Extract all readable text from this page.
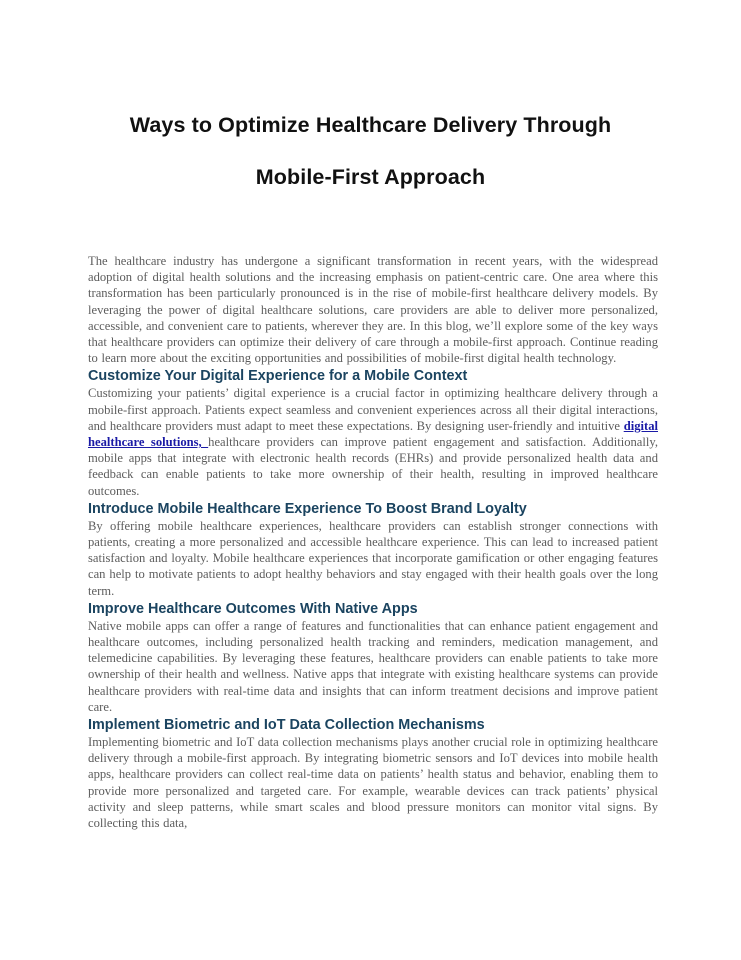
Ways to Optimize Healthcare Delivery Through
Mobile-First Approach

The healthcare industry has undergone a significant transformation in recent years, with the widespread adoption of digital health solutions and the increasing emphasis on patient-centric care. One area where this transformation has been particularly pronounced is in the rise of mobile-first healthcare delivery models. By leveraging the power of digital healthcare solutions, care providers are able to deliver more personalized, accessible, and convenient care to patients, wherever they are. In this blog, we’ll explore some of the key ways that healthcare providers can optimize their delivery of care through a mobile-first approach. Continue reading to learn more about the exciting opportunities and possibilities of mobile-first digital health technology.

Customize Your Digital Experience for a Mobile Context

Customizing your patients’ digital experience is a crucial factor in optimizing healthcare delivery through a mobile-first approach. Patients expect seamless and convenient experiences across all their digital interactions, and healthcare providers must adapt to meet these expectations. By designing user-friendly and intuitive digital healthcare solutions, healthcare providers can improve patient engagement and satisfaction. Additionally, mobile apps that integrate with electronic health records (EHRs) and provide personalized health data and feedback can enable patients to take more ownership of their health, resulting in improved healthcare outcomes.

Introduce Mobile Healthcare Experience To Boost Brand Loyalty

By offering mobile healthcare experiences, healthcare providers can establish stronger connections with patients, creating a more personalized and accessible healthcare experience. This can lead to increased patient satisfaction and loyalty. Mobile healthcare experiences that incorporate gamification or other engaging features can help to motivate patients to adopt healthy behaviors and stay engaged with their health goals over the long term.

Improve Healthcare Outcomes With Native Apps

Native mobile apps can offer a range of features and functionalities that can enhance patient engagement and healthcare outcomes, including personalized health tracking and reminders, medication management, and telemedicine capabilities. By leveraging these features, healthcare providers can enable patients to take more ownership of their health and wellness. Native apps that integrate with existing healthcare systems can provide healthcare providers with real-time data and insights that can inform treatment decisions and improve patient care.

Implement Biometric and IoT Data Collection Mechanisms

Implementing biometric and IoT data collection mechanisms plays another crucial role in optimizing healthcare delivery through a mobile-first approach. By integrating biometric sensors and IoT devices into mobile health apps, healthcare providers can collect real-time data on patients’ health status and behavior, enabling them to provide more personalized and targeted care. For example, wearable devices can track patients’ physical activity and sleep patterns, while smart scales and blood pressure monitors can monitor vital signs. By collecting this data,
